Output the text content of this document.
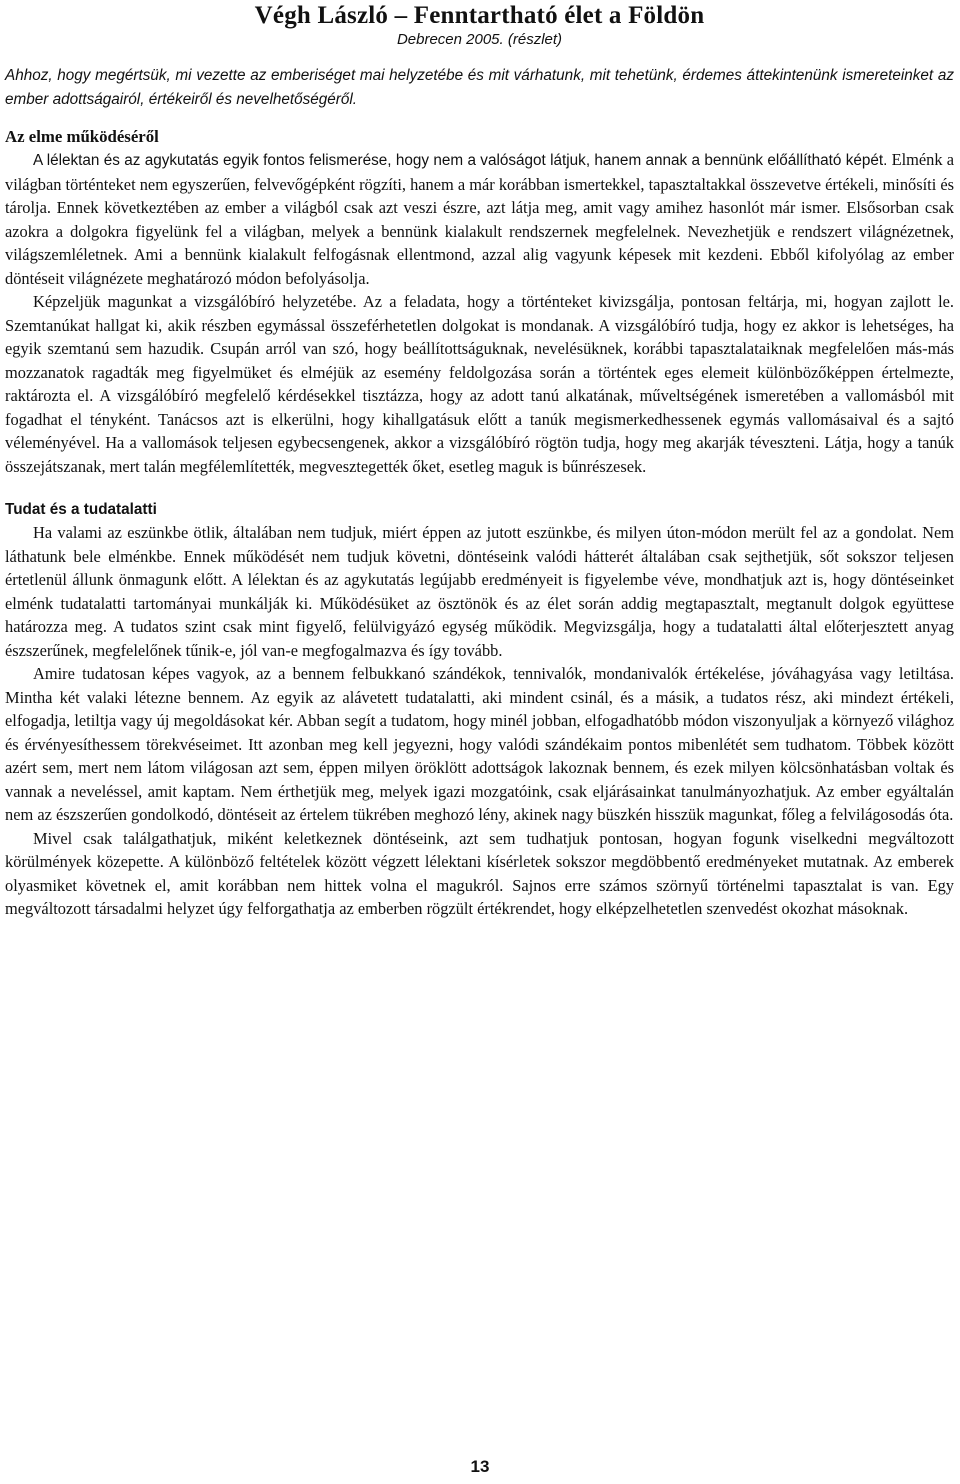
Végh László – Fenntartható élet a Földön
Debrecen 2005. (részlet)

Ahhoz, hogy megértsük, mi vezette az emberiséget mai helyzetébe és mit várhatunk, mit tehetünk, érdemes áttekintenünk ismereteinket az ember adottságairól, értékeiről és nevelhetőségéről.

Az elme működéséről

A lélektan és az agykutatás egyik fontos felismerése, hogy nem a valóságot látjuk, hanem annak a bennünk előállítható képét. Elménk a világban történteket nem egyszerűen, felvevőgépként rögzíti, hanem a már korábban ismertekkel, tapasztaltakkal összevetve értékeli, minősíti és tárolja. Ennek következtében az ember a világból csak azt veszi észre, azt látja meg, amit vagy amihez hasonlót már ismer. Elsősorban csak azokra a dolgokra figyelünk fel a világban, melyek a bennünk kialakult rendszernek megfelelnek. Nevezhetjük e rendszert világnézetnek, világszemléletnek. Ami a bennünk kialakult felfogásnak ellentmond, azzal alig vagyunk képesek mit kezdeni. Ebből kifolyólag az ember döntéseit világnézete meghatározó módon befolyásolja.

Képzeljük magunkat a vizsgálóbíró helyzetébe. Az a feladata, hogy a történteket kivizsgálja, pontosan feltárja, mi, hogyan zajlott le. Szemtanúkat hallgat ki, akik részben egymással összeférhetetlen dolgokat is mondanak. A vizsgálóbíró tudja, hogy ez akkor is lehetséges, ha egyik szemtanú sem hazudik. Csupán arról van szó, hogy beállítottságuknak, nevelésüknek, korábbi tapasztalataiknak megfelelően más-más mozzanatok ragadták meg figyelmüket és elméjük az esemény feldolgozása során a történtek eges elemeit különbözőképpen értelmezte, raktározta el. A vizsgálóbíró megfelelő kérdésekkel tisztázza, hogy az adott tanú alkatának, műveltségének ismeretében a vallomásból mit fogadhat el tényként. Tanácsos azt is elkerülni, hogy kihallgatásuk előtt a tanúk megismerkedhessenek egymás vallomásaival és a sajtó véleményével. Ha a vallomások teljesen egybecsengenek, akkor a vizsgálóbíró rögtön tudja, hogy meg akarják téveszteni. Látja, hogy a tanúk összejátszanak, mert talán megfélemlítették, megvesztegették őket, esetleg maguk is bűnrészesek.

Tudat és a tudatalatti

Ha valami az eszünkbe ötlik, általában nem tudjuk, miért éppen az jutott eszünkbe, és milyen úton-módon merült fel az a gondolat. Nem láthatunk bele elménkbe. Ennek működését nem tudjuk követni, döntéseink valódi hátterét általában csak sejthetjük, sőt sokszor teljesen értetlenül állunk önmagunk előtt. A lélektan és az agykutatás legújabb eredményeit is figyelembe véve, mondhatjuk azt is, hogy döntéseinket elménk tudatalatti tartományai munkálják ki. Működésüket az ösztönök és az élet során addig megtapasztalt, megtanult dolgok együttese határozza meg. A tudatos szint csak mint figyelő, felülvigyázó egység működik. Megvizsgálja, hogy a tudatalatti által előterjesztett anyag észszerűnek, megfelelőnek tűnik-e, jól van-e megfogalmazva és így tovább.

Amire tudatosan képes vagyok, az a bennem felbukkanó szándékok, tennivalók, mondanivalók értékelése, jóváhagyása vagy letiltása. Mintha két valaki létezne bennem. Az egyik az alávetett tudatalatti, aki mindent csinál, és a másik, a tudatos rész, aki mindezt értékeli, elfogadja, letiltja vagy új megoldásokat kér. Abban segít a tudatom, hogy minél jobban, elfogadhatóbb módon viszonyuljak a környező világhoz és érvényesíthessem törekvéseimet. Itt azonban meg kell jegyezni, hogy valódi szándékaim pontos mibenlétét sem tudhatom. Többek között azért sem, mert nem látom világosan azt sem, éppen milyen öröklött adottságok lakoznak bennem, és ezek milyen kölcsönhatásban voltak és vannak a neveléssel, amit kaptam. Nem érthetjük meg, melyek igazi mozgatóink, csak eljárásainkat tanulmányozhatjuk. Az ember egyáltalán nem az észszerűen gondolkodó, döntéseit az értelem tükrében meghozó lény, akinek nagy büszkén hisszük magunkat, főleg a felvilágosodás óta.

Mivel csak találgathatjuk, miként keletkeznek döntéseink, azt sem tudhatjuk pontosan, hogyan fogunk viselkedni megváltozott körülmények közepette. A különböző feltételek között végzett lélektani kísérletek sokszor megdöbbentő eredményeket mutatnak. Az emberek olyasmiket követnek el, amit korábban nem hittek volna el magukról. Sajnos erre számos szörnyű történelmi tapasztalat is van. Egy megváltozott társadalmi helyzet úgy felforgathatja az emberben rögzült értékrendet, hogy elképzelhetetlen szenvedést okozhat másoknak.

13
